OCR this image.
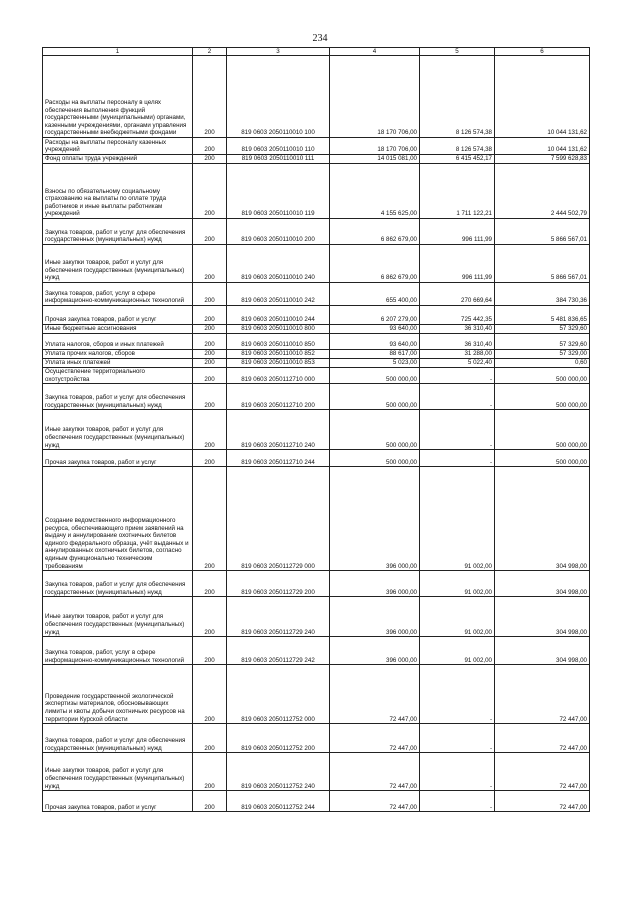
234
1	2	3	4	5	6

Расходы на выплаты персоналу в целях обеспечения выполнения функций государственными (муниципальными) органами, казенными учреждениями, органами управления государственными внебюджетными фондами	200	819 0603 2050110010 100	18 170 706,00	8 126 574,38	10 044 131,62

Расходы на выплаты персоналу казенных учреждений	200	819 0603 2050110010 110	18 170 706,00	8 126 574,38	10 044 131,62

Фонд оплаты труда учреждений	200	819 0603 2050110010 111	14 015 081,00	6 415 452,17	7 599 628,83

Взносы по обязательному социальному страхованию на выплаты по оплате труда работников и иные выплаты работникам учреждений	200	819 0603 2050110010 119	4 155 625,00	1 711 122,21	2 444 502,79

Закупка товаров, работ и услуг для обеспечения государственных (муниципальных) нужд	200	819 0603 2050110010 200	6 862 679,00	996 111,99	5 866 567,01

Иные закупки товаров, работ и услуг для обеспечения государственных (муниципальных) нужд	200	819 0603 2050110010 240	6 862 679,00	996 111,99	5 866 567,01

Закупка товаров, работ, услуг в сфере информационно-коммуникационных технологий	200	819 0603 2050110010 242	655 400,00	270 669,64	384 730,36

Прочая закупка товаров, работ и услуг	200	819 0603 2050110010 244	6 207 279,00	725 442,35	5 481 836,65

Иные бюджетные ассигнования	200	819 0603 2050110010 800	93 640,00	36 310,40	57 329,60

Уплата налогов, сборов и иных платежей	200	819 0603 2050110010 850	93 640,00	36 310,40	57 329,60

Уплата прочих налогов, сборов	200	819 0603 2050110010 852	88 617,00	31 288,00	57 329,00

Уплата иных платежей	200	819 0603 2050110010 853	5 023,00	5 022,40	0,60

Осуществление территориального охотустройства	200	819 0603 2050112710 000	500 000,00	-	500 000,00

Закупка товаров, работ и услуг для обеспечения государственных (муниципальных) нужд	200	819 0603 2050112710 200	500 000,00	-	500 000,00

Иные закупки товаров, работ и услуг для обеспечения государственных (муниципальных) нужд	200	819 0603 2050112710 240	500 000,00	-	500 000,00

Прочая закупка товаров, работ и услуг	200	819 0603 2050112710 244	500 000,00	-	500 000,00

Создание ведомственного информационного ресурса, обеспечивающего прием заявлений на выдачу и аннулирование охотничьих билетов единого федерального образца, учёт выданных и аннулированных охотничьих билетов, согласно единым функционально техническим требованиям	200	819 0603 2050112729 000	396 000,00	91 002,00	304 998,00

Закупка товаров, работ и услуг для обеспечения государственных (муниципальных) нужд	200	819 0603 2050112729 200	396 000,00	91 002,00	304 998,00

Иные закупки товаров, работ и услуг для обеспечения государственных (муниципальных) нужд	200	819 0603 2050112729 240	396 000,00	91 002,00	304 998,00

Закупка товаров, работ, услуг в сфере информационно-коммуникационных технологий	200	819 0603 2050112729 242	396 000,00	91 002,00	304 998,00

Проведение государственной экологической экспертизы материалов, обосновывающих лимиты и квоты добычи охотничьих ресурсов на территории Курской области	200	819 0603 2050112752 000	72 447,00	-	72 447,00

Закупка товаров, работ и услуг для обеспечения государственных (муниципальных) нужд	200	819 0603 2050112752 200	72 447,00	-	72 447,00

Иные закупки товаров, работ и услуг для обеспечения государственных (муниципальных) нужд	200	819 0603 2050112752 240	72 447,00	-	72 447,00

Прочая закупка товаров, работ и услуг	200	819 0603 2050112752 244	72 447,00	-	72 447,00
